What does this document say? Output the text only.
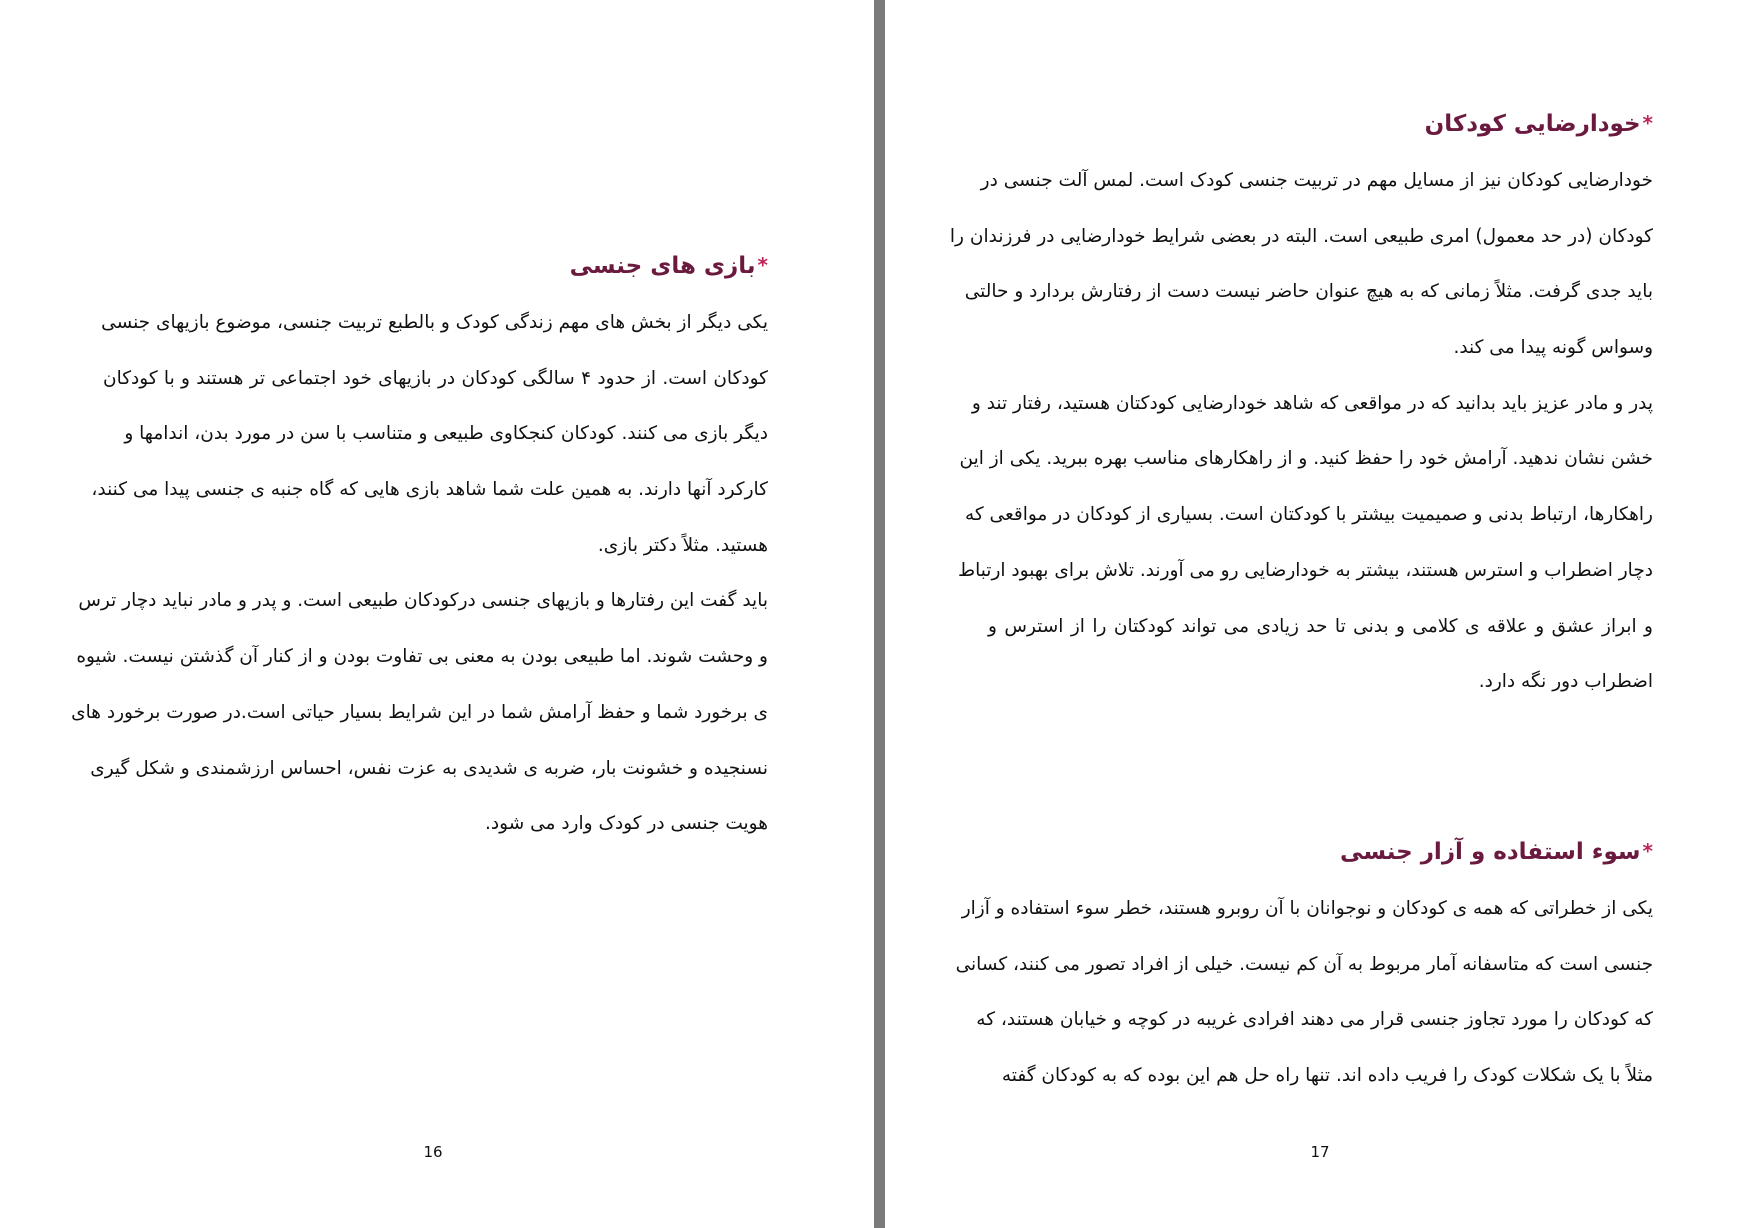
*بازی های جنسی

یکی دیگر از بخش های مهم زندگی کودک و بالطبع تربیت جنسی، موضوع بازیهای جنسی

کودکان است. از حدود ۴ سالگی کودکان در بازیهای خود اجتماعی تر هستند و با کودکان

دیگر بازی می کنند. کودکان کنجکاوی طبیعی و متناسب با سن در مورد بدن، اندامها و

کارکرد آنها دارند. به همین علت شما شاهد بازی هایی که گاه جنبه ی جنسی پیدا می کنند،

هستید. مثلاً دکتر بازی.

باید گفت این رفتارها و بازیهای جنسی درکودکان طبیعی است. و پدر و مادر نباید دچار ترس

و وحشت شوند. اما طبیعی بودن به معنی بی تفاوت بودن و از کنار آن گذشتن نیست. شیوه

ی برخورد شما و حفظ آرامش شما در این شرایط بسیار حیاتی است.در صورت برخورد های

نسنجیده و خشونت بار، ضربه ی شدیدی به عزت نفس، احساس ارزشمندی و شکل گیری

هویت جنسی در کودک وارد می شود.

16
*خودارضایی کودکان

خودارضایی کودکان نیز از مسایل مهم در تربیت جنسی کودک است. لمس آلت جنسی در

کودکان (در حد معمول) امری طبیعی است. البته در بعضی شرایط خودارضایی در فرزندان را

باید جدی گرفت. مثلاً زمانی که به هیچ عنوان حاضر نیست دست از رفتارش بردارد و حالتی

وسواس گونه پیدا می کند.

پدر و مادر عزیز باید بدانید که در مواقعی که شاهد خودارضایی کودکتان هستید، رفتار تند و

خشن نشان ندهید. آرامش خود را حفظ کنید. و از راهکارهای مناسب بهره ببرید. یکی از این

راهکارها، ارتباط بدنی و صمیمیت بیشتر با کودکتان است. بسیاری از کودکان در مواقعی که

دچار اضطراب و استرس هستند، بیشتر به خودارضایی رو می آورند. تلاش برای بهبود ارتباط

و ابراز عشق و علاقه ی کلامی و بدنی تا حد زیادی می تواند کودکتان را از استرس و

اضطراب دور نگه دارد.

*سوء استفاده و آزار جنسی

یکی از خطراتی که همه ی کودکان و نوجوانان با آن روبرو هستند، خطر سوء استفاده و آزار

جنسی است که متاسفانه آمار مربوط به آن کم نیست. خیلی از افراد تصور می کنند، کسانی

که کودکان را مورد تجاوز جنسی قرار می دهند افرادی غریبه در کوچه و خیابان هستند، که

مثلاً با یک شکلات کودک را فریب داده اند. تنها راه حل هم این بوده که به کودکان گفته

17
